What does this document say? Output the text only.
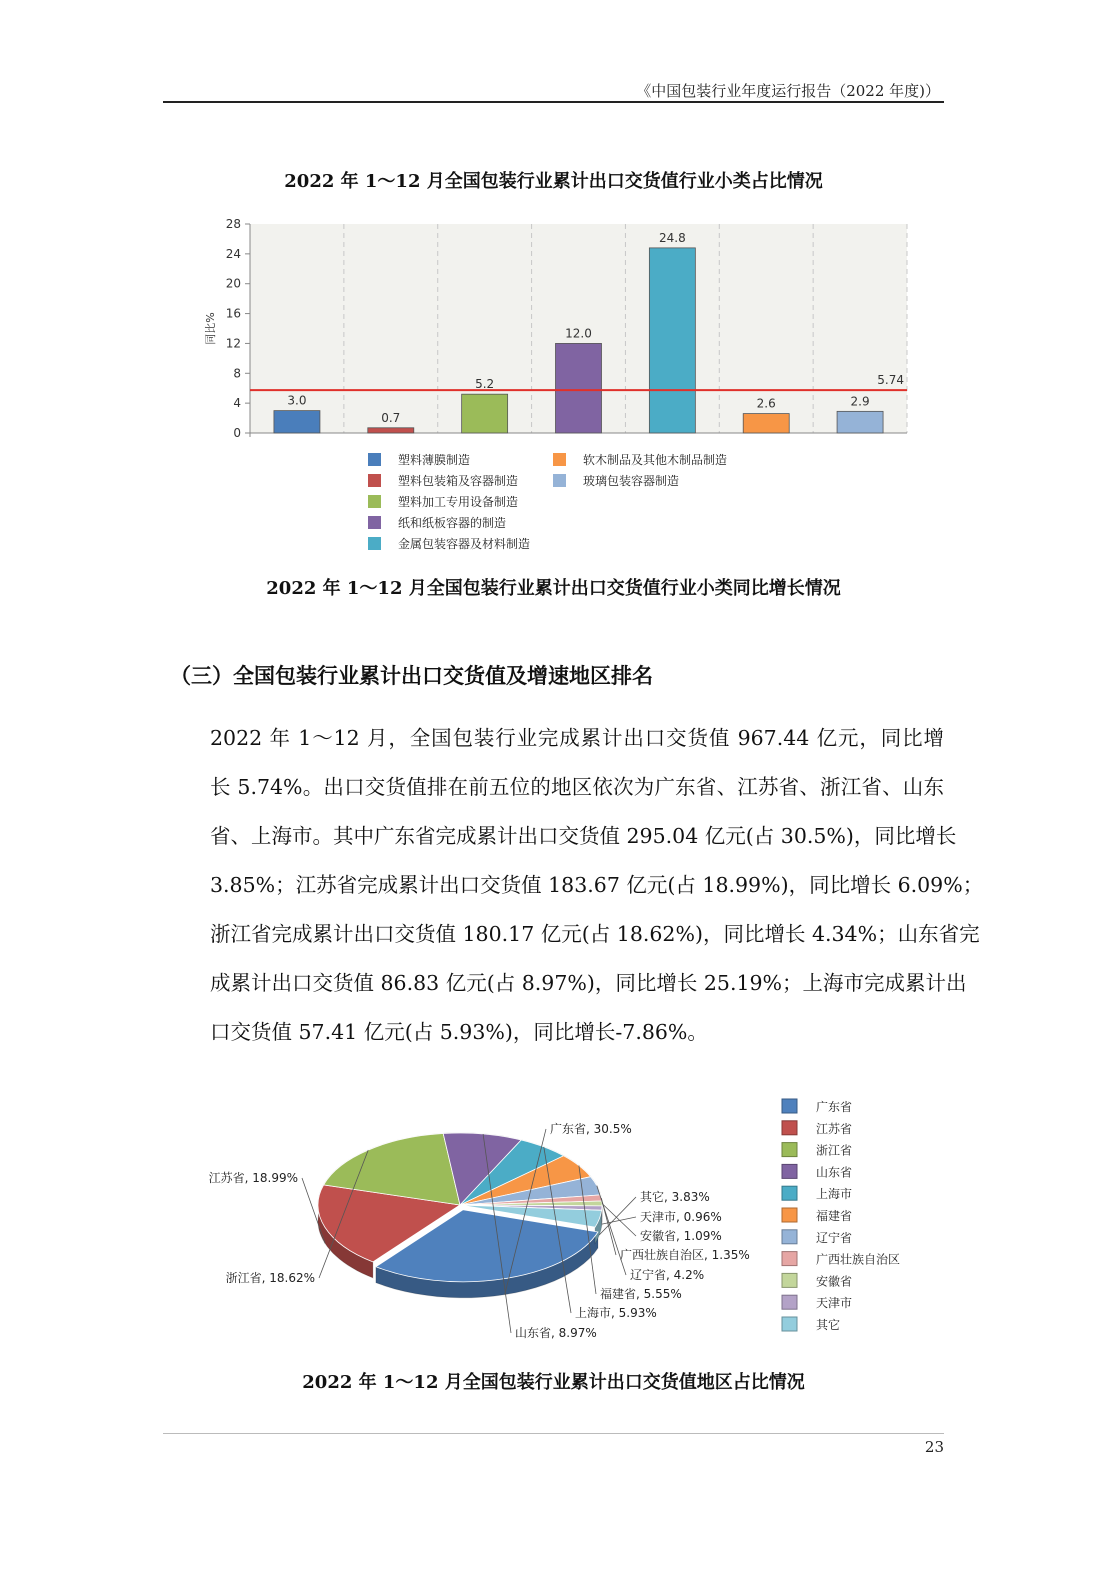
《中国包装行业年度运行报告（2022 年度)）
2022 年 1～12 月全国包装行业累计出口交货值行业小类占比情况
0
4
8
12
16
20
24
28
同比%
3.0
0.7
5.2
12.0
24.8
2.6	2.9
5.74
塑料薄膜制造
塑料包装箱及容器制造
塑料加工专用设备制造
纸和纸板容器的制造
金属包装容器及材料制造
软木制品及其他木制品制造
玻璃包装容器制造
2022 年 1～12 月全国包装行业累计出口交货值行业小类同比增长情况
（三）全国包装行业累计出口交货值及增速地区排名
2022 年 1～12 月，全国包装行业完成累计出口交货值 967.44 亿元，同比增
长 5.74%。出口交货值排在前五位的地区依次为广东省、江苏省、浙江省、山东
省、上海市。其中广东省完成累计出口交货值 295.04 亿元(占 30.5%)，同比增长
3.85%；江苏省完成累计出口交货值 183.67 亿元(占 18.99%)，同比增长 6.09%；
浙江省完成累计出口交货值 180.17 亿元(占 18.62%)，同比增长 4.34%；山东省完
成累计出口交货值 86.83 亿元(占 8.97%)，同比增长 25.19%；上海市完成累计出
口交货值 57.41 亿元(占 5.93%)，同比增长-7.86%。
广东省, 30.5%
江苏省, 18.99%
浙江省, 18.62%
山东省, 8.97%
上海市, 5.93%
福建省, 5.55%
辽宁省, 4.2%
广西壮族自治区, 1.35%
安徽省, 1.09%
天津市, 0.96%
其它, 3.83%
广东省
江苏省
浙江省
山东省
上海市
福建省
辽宁省
广西壮族自治区
安徽省
天津市
其它
2022 年 1～12 月全国包装行业累计出口交货值地区占比情况
23
